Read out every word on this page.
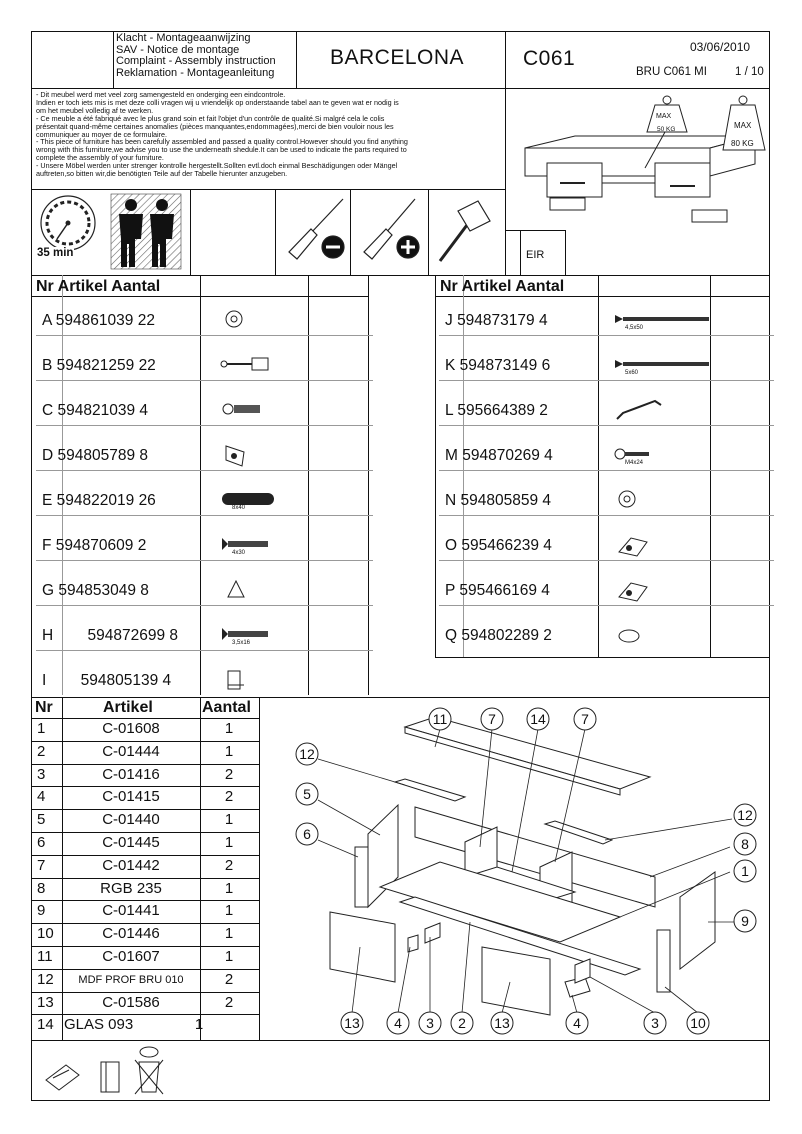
Klacht - Montageaanwijzing
SAV - Notice de montage
Complaint - Assembly instruction
Reklamation - Montageanleitung
BARCELONA	C061	03/06/2010
BRU C061 MI 1 / 10
- Dit meubel werd met veel zorg samengesteld en onderging een eindcontrole.
Indien er toch iets mis is met deze colli vragen wij u vriendelijk op onderstaande tabel aan te geven wat er nodig is
om het meubel volledig af te werken.
- Ce meuble a été fabriqué avec le plus grand soin et fait l'objet d'un contrôle de qualité.Si malgré cela le colis
présentait quand-même certaines anomalies (pièces manquantes,endommagées),merci de bien vouloir nous les
communiquer au moyer de ce formulaire.
- This piece of furniture has been carefully assembled and passed a quality control.However should you find anything
wrong with this furniture,we advise you to use the underneath shedule.It can be used to indicate the parts required to
complete the assembly of your furniture.
- Unsere Möbel werden unter strenger kontrolle hergestellt.Sollten evtl.doch einmal Beschädigungen oder Mängel
auftreten,so bitten wir,die benötigten Teile auf der Tabelle hierunter anzugeben.
MAX
50 KG	MAX
80 KG
35 min	EIR
Nr Artikel Aantal	Nr Artikel Aantal
A 594861039 22
B 594821259 22
C 594821039 4
D 594805789 8
E 594822019 26	8x40
F 594870609 2	4x30
G 594853049 8
H 594872699 8	3,5x16
I 594805139 4
J 594873179 4	4,5x50
K 594873149 6	5x60
L 595664389 2
M 594870269 4	M4x24
N 594805859 4
O 595466239 4
P 595466169 4
Q 594802289 2
Nr	Artikel	Aantal
1	C-01608	1
2	C-01444	1
3	C-01416	2
4	C-01415	2
5	C-01440	1
6	C-01445	1
7	C-01442	2
8	RGB 235	1
9	C-01441	1
10	C-01446	1
11	C-01607	1
12	MDF PROF BRU 010	2
13	C-01586	2
14 GLAS 093	1
11	7	14	7
12
5
6
12
8
1
9
13	4	3	2	13	4	3	10
